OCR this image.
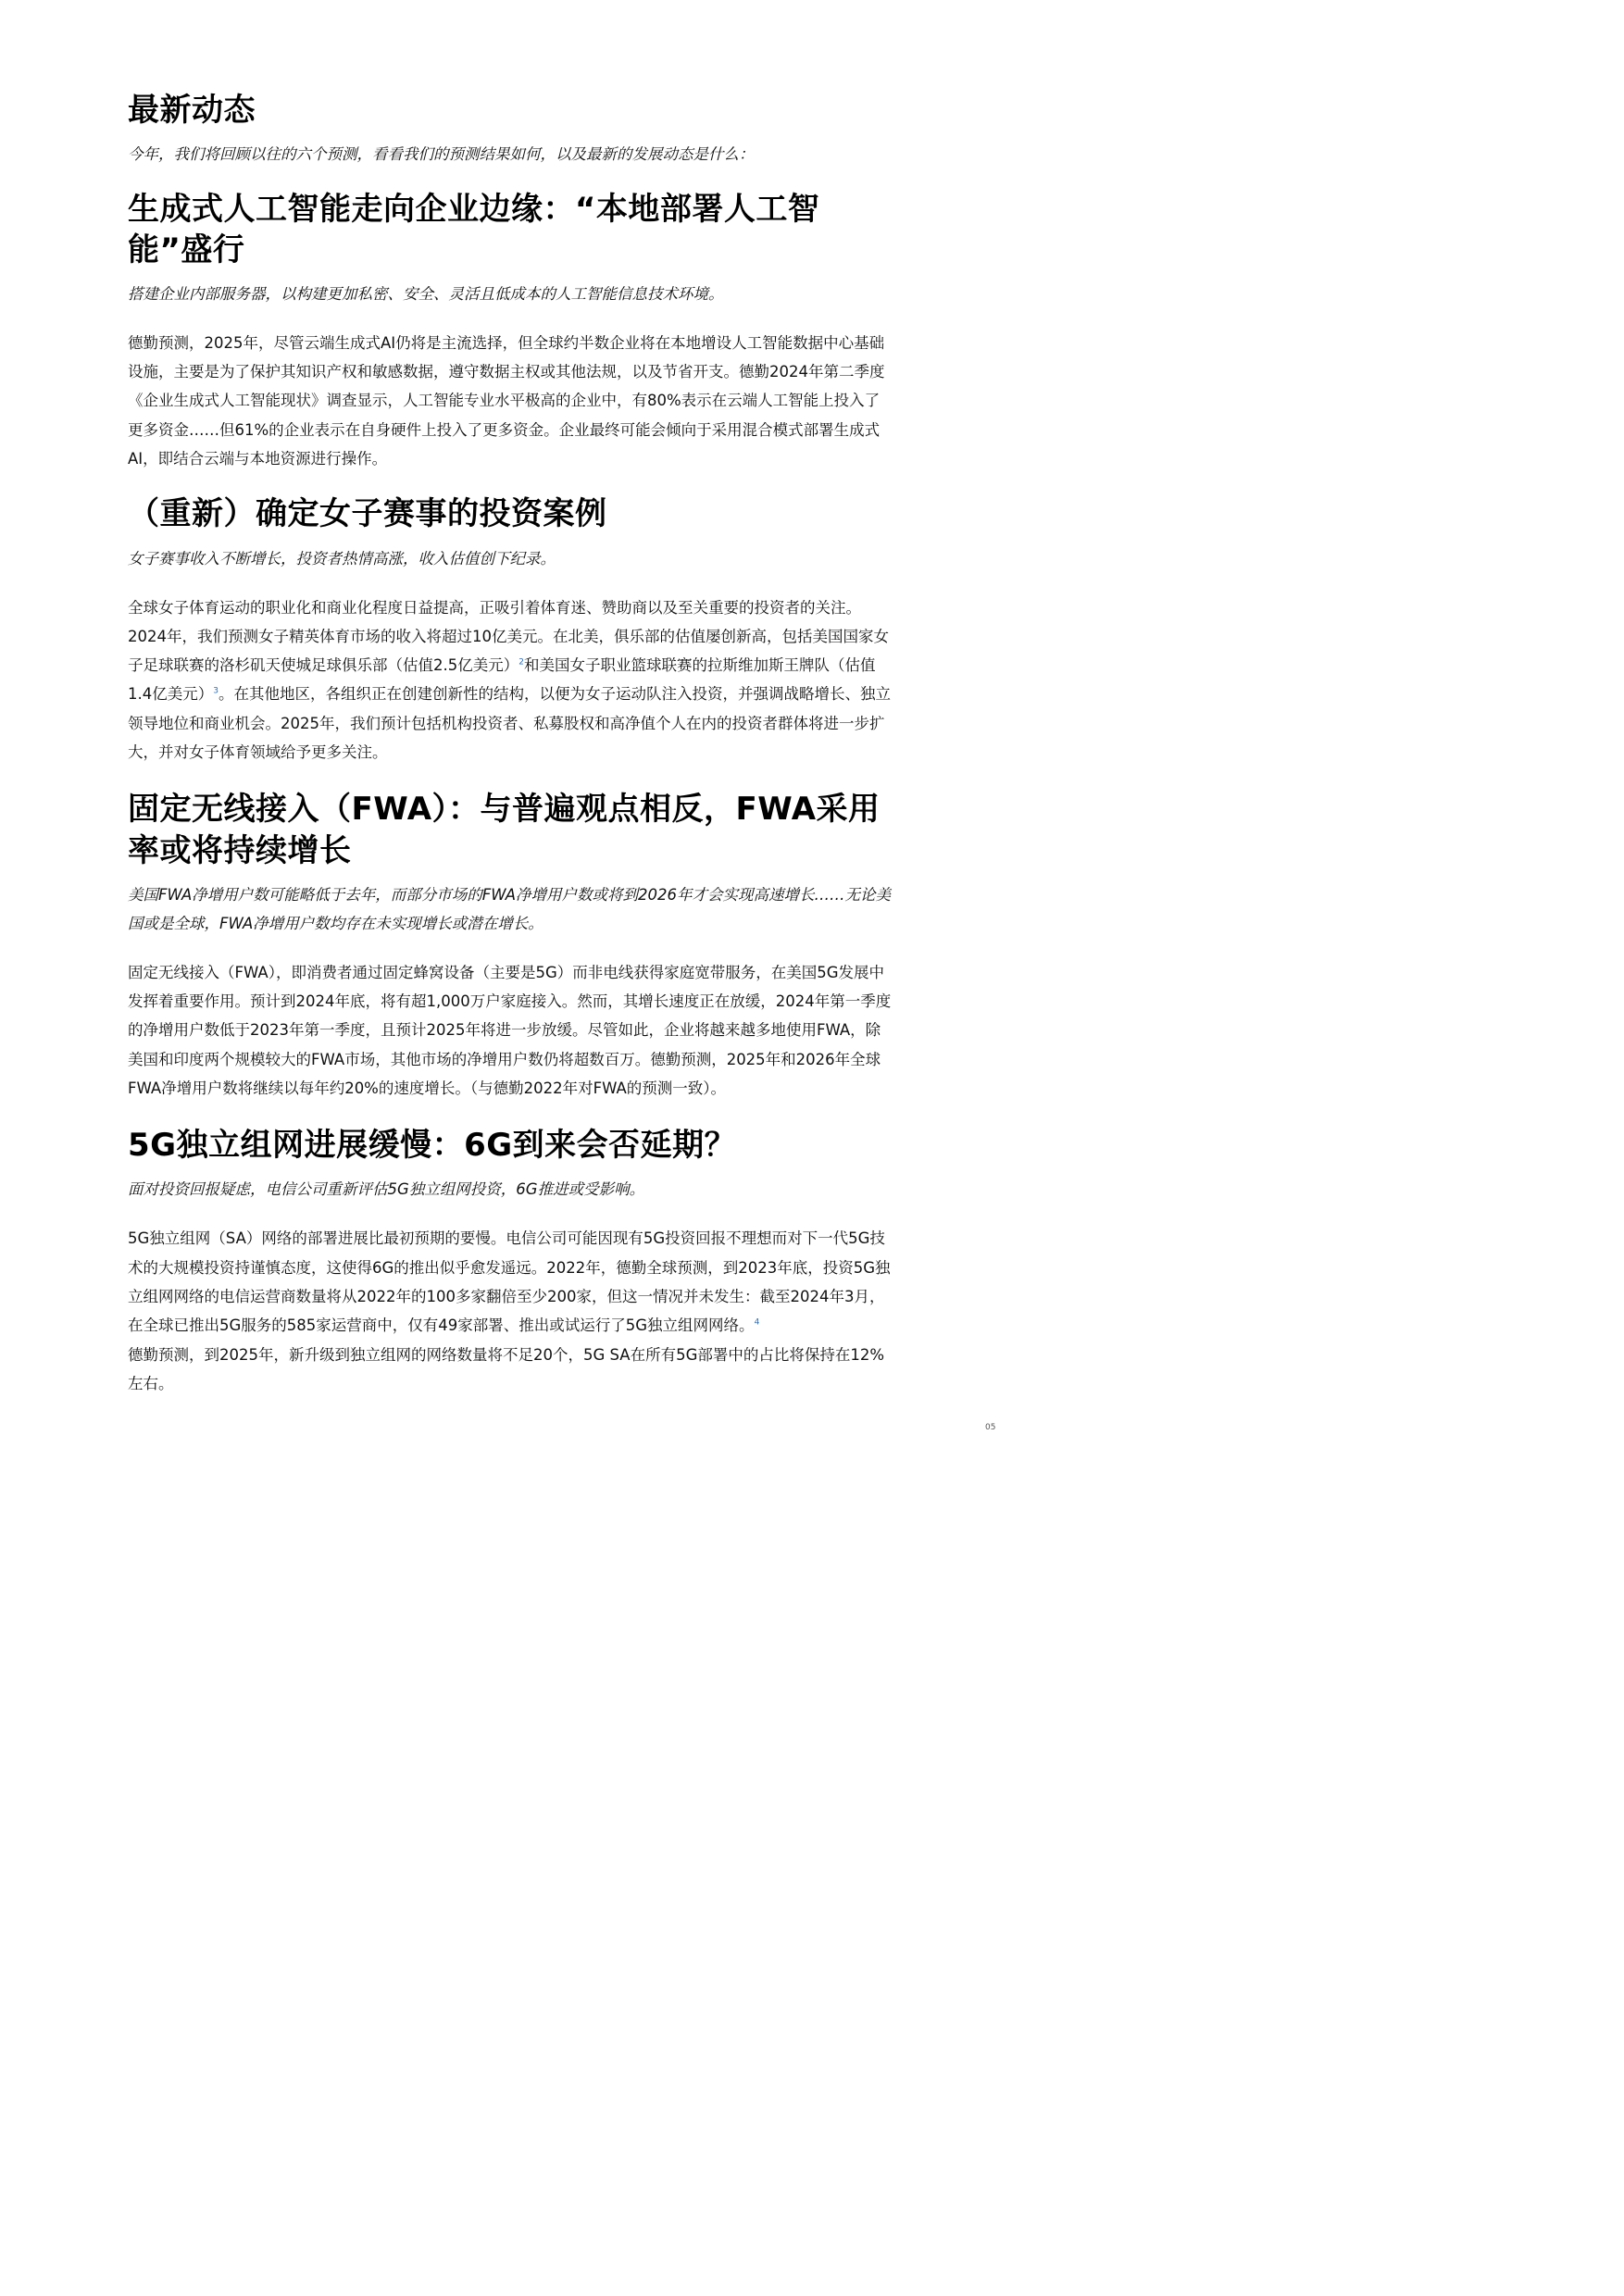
最新动态

今年，我们将回顾以往的六个预测，看看我们的预测结果如何，以及最新的发展动态是什么：

生成式人工智能走向企业边缘：“本地部署人工智能”盛行

搭建企业内部服务器，以构建更加私密、安全、灵活且低成本的人工智能信息技术环境。

德勤预测，2025年，尽管云端生成式AI仍将是主流选择，但全球约半数企业将在本地增设人工智能数据中心基础设施，主要是为了保护其知识产权和敏感数据，遵守数据主权或其他法规，以及节省开支。德勤2024年第二季度《企业生成式人工智能现状》调查显示，人工智能专业水平极高的企业中，有80%表示在云端人工智能上投入了更多资金……但61%的企业表示在自身硬件上投入了更多资金。企业最终可能会倾向于采用混合模式部署生成式AI，即结合云端与本地资源进行操作。

（重新）确定女子赛事的投资案例

女子赛事收入不断增长，投资者热情高涨，收入估值创下纪录。

全球女子体育运动的职业化和商业化程度日益提高，正吸引着体育迷、赞助商以及至关重要的投资者的关注。2024年，我们预测女子精英体育市场的收入将超过10亿美元。在北美，俱乐部的估值屡创新高，包括美国国家女子足球联赛的洛杉矶天使城足球俱乐部（估值2.5亿美元）$^2$和美国女子职业篮球联赛的拉斯维加斯王牌队（估值1.4亿美元）$^3$。在其他地区，各组织正在创建创新性的结构，以便为女子运动队注入投资，并强调战略增长、独立领导地位和商业机会。2025年，我们预计包括机构投资者、私募股权和高净值个人在内的投资者群体将进一步扩大，并对女子体育领域给予更多关注。

固定无线接入（FWA）：与普遍观点相反，FWA采用率或将持续增长

美国FWA净增用户数可能略低于去年，而部分市场的FWA净增用户数或将到2026年才会实现高速增长……无论美国或是全球，FWA净增用户数均存在未实现增长或潜在增长。

固定无线接入（FWA），即消费者通过固定蜂窝设备（主要是5G）而非电线获得家庭宽带服务，在美国5G发展中发挥着重要作用。预计到2024年底，将有超1,000万户家庭接入。然而，其增长速度正在放缓，2024年第一季度的净增用户数低于2023年第一季度，且预计2025年将进一步放缓。尽管如此，企业将越来越多地使用FWA，除美国和印度两个规模较大的FWA市场，其他市场的净增用户数仍将超数百万。德勤预测，2025年和2026年全球FWA净增用户数将继续以每年约20%的速度增长。（与德勤2022年对FWA的预测一致）。

5G独立组网进展缓慢：6G到来会否延期？

面对投资回报疑虑，电信公司重新评估5G独立组网投资，6G推进或受影响。

5G独立组网（SA）网络的部署进展比最初预期的要慢。电信公司可能因现有5G投资回报不理想而对下一代5G技术的大规模投资持谨慎态度，这使得6G的推出似乎愈发遥远。2022年，德勤全球预测，到2023年底，投资5G独立组网网络的电信运营商数量将从2022年的100多家翻倍至少200家，但这一情况并未发生：截至2024年3月，在全球已推出5G服务的585家运营商中，仅有49家部署、推出或试运行了5G独立组网网络。$^4$
德勤预测，到2025年，新升级到独立组网的网络数量将不足20个，5G SA在所有5G部署中的占比将保持在12%左右。

05
